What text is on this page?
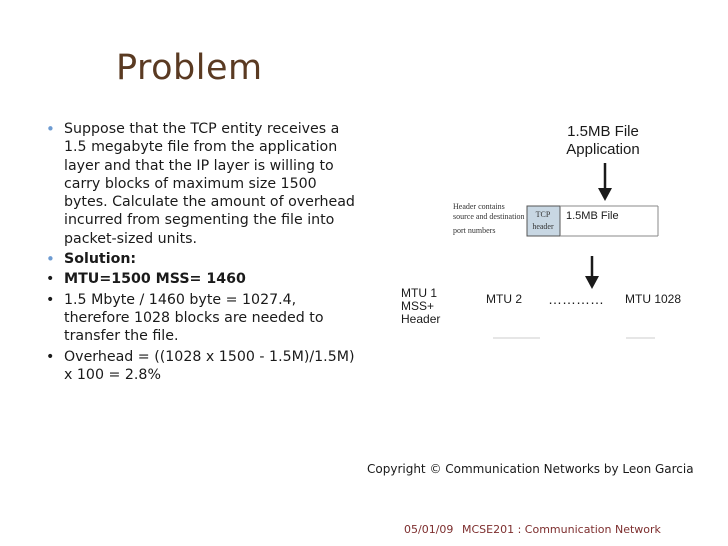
Problem
• Suppose that the TCP entity receives a 1.5 megabyte file from the application layer and that the IP layer is willing to carry blocks of maximum size 1500 bytes. Calculate the amount of overhead incurred from segmenting the file into packet-sized units.
• Solution:
• MTU=1500 MSS= 1460
• 1.5 Mbyte / 1460 byte = 1027.4, therefore 1028 blocks are needed to transfer the file.
• Overhead = ((1028 x 1500 - 1.5M)/1.5M) x 100 = 2.8%
1.5MB File
Application
Header contains
source and destination
port numbers
TCP
header
1.5MB File
MTU 1
MSS+
Header
MTU 2 ………… MTU 1028
Copyright © Communication Networks by Leon Garcia
05/01/09 MCSE201 : Communication Network
